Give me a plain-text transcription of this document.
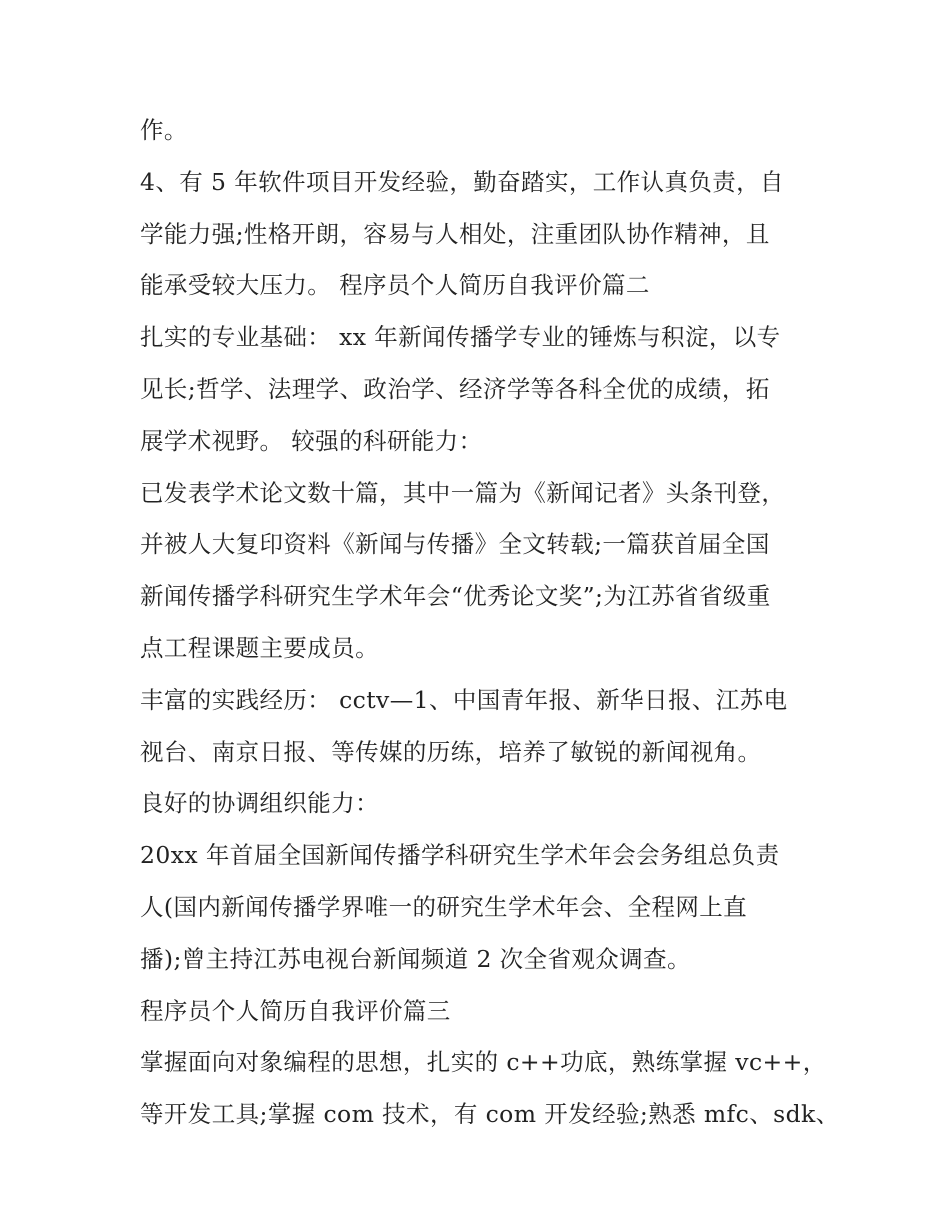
作。
4、有 5 年软件项目开发经验，勤奋踏实，工作认真负责，自
学能力强;性格开朗，容易与人相处，注重团队协作精神，且
能承受较大压力。 程序员个人简历自我评价篇二
扎实的专业基础： xx 年新闻传播学专业的锤炼与积淀，以专
见长;哲学、法理学、政治学、经济学等各科全优的成绩，拓
展学术视野。 较强的科研能力：
已发表学术论文数十篇，其中一篇为《新闻记者》头条刊登，
并被人大复印资料《新闻与传播》全文转载;一篇获首届全国
新闻传播学科研究生学术年会“优秀论文奖”;为江苏省省级重
点工程课题主要成员。
丰富的实践经历： cctv—1、中国青年报、新华日报、江苏电
视台、南京日报、等传媒的历练，培养了敏锐的新闻视角。
良好的协调组织能力：
20xx 年首届全国新闻传播学科研究生学术年会会务组总负责
人(国内新闻传播学界唯一的研究生学术年会、全程网上直
播);曾主持江苏电视台新闻频道 2 次全省观众调查。
程序员个人简历自我评价篇三
掌握面向对象编程的思想，扎实的 c++功底，熟练掌握 vc++，
等开发工具;掌握 com 技术，有 com 开发经验;熟悉 mfc、sdk、
